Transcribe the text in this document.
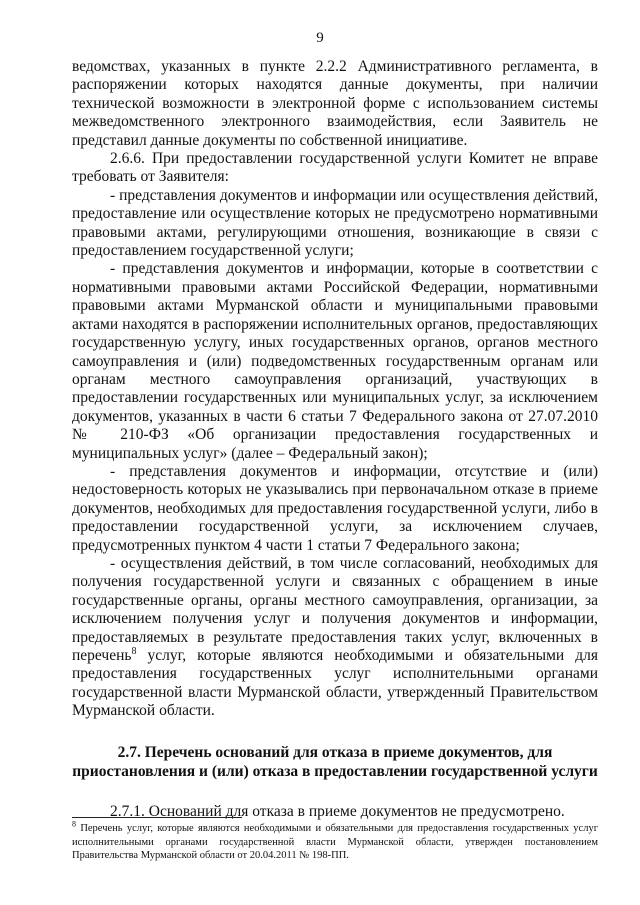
9

ведомствах, указанных в пункте 2.2.2 Административного регламента, в распоряжении которых находятся данные документы, при наличии технической возможности в электронной форме с использованием системы межведомственного электронного взаимодействия, если Заявитель не представил данные документы по собственной инициативе.

2.6.6. При предоставлении государственной услуги Комитет не вправе требовать от Заявителя:

- представления документов и информации или осуществления действий, предоставление или осуществление которых не предусмотрено нормативными правовыми актами, регулирующими отношения, возникающие в связи с предоставлением государственной услуги;

- представления документов и информации, которые в соответствии с нормативными правовыми актами Российской Федерации, нормативными правовыми актами Мурманской области и муниципальными правовыми актами находятся в распоряжении исполнительных органов, предоставляющих государственную услугу, иных государственных органов, органов местного самоуправления и (или) подведомственных государственным органам или органам местного самоуправления организаций, участвующих в предоставлении государственных или муниципальных услуг, за исключением документов, указанных в части 6 статьи 7 Федерального закона от 27.07.2010 № 210-ФЗ «Об организации предоставления государственных и муниципальных услуг» (далее – Федеральный закон);

- представления документов и информации, отсутствие и (или) недостоверность которых не указывались при первоначальном отказе в приеме документов, необходимых для предоставления государственной услуги, либо в предоставлении государственной услуги, за исключением случаев, предусмотренных пунктом 4 части 1 статьи 7 Федерального закона;

- осуществления действий, в том числе согласований, необходимых для получения государственной услуги и связанных с обращением в иные государственные органы, органы местного самоуправления, организации, за исключением получения услуг и получения документов и информации, предоставляемых в результате предоставления таких услуг, включенных в перечень$^8$ услуг, которые являются необходимыми и обязательными для предоставления государственных услуг исполнительными органами государственной власти Мурманской области, утвержденный Правительством Мурманской области.

2.7. Перечень оснований для отказа в приеме документов, для приостановления и (или) отказа в предоставлении государственной услуги

2.7.1. Оснований для отказа в приеме документов не предусмотрено.

$^8$ Перечень услуг, которые являются необходимыми и обязательными для предоставления государственных услуг исполнительными органами государственной власти Мурманской области, утвержден постановлением Правительства Мурманской области от 20.04.2011 № 198-ПП.
